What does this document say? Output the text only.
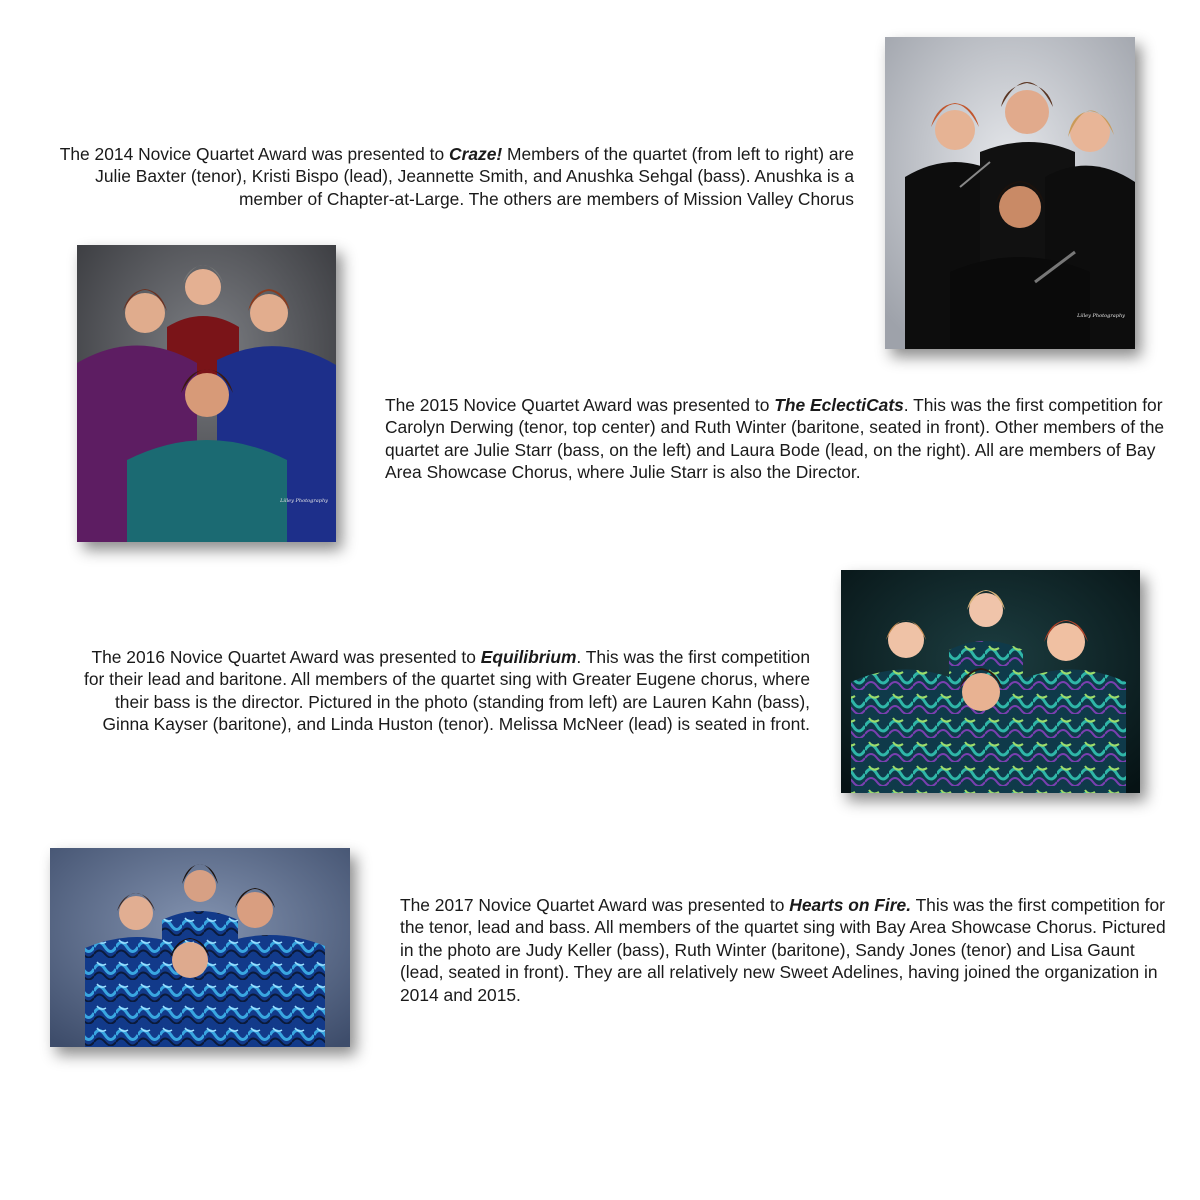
The 2014 Novice Quartet Award was presented to Craze! Members of the quartet (from left to right) are Julie Baxter (tenor), Kristi Bispo (lead), Jeannette Smith, and Anushka Sehgal (bass). Anushka is a member of Chapter-at-Large. The others are members of Mission Valley Chorus

Lilley Photography
Lilley Photography

The 2015 Novice Quartet Award was presented to The EclectiCats. This was the first competition for Carolyn Derwing (tenor, top center) and Ruth Winter (baritone, seated in front). Other members of the quartet are Julie Starr (bass, on the left) and Laura Bode (lead, on the right). All are members of Bay Area Showcase Chorus, where Julie Starr is also the Director.

The 2016 Novice Quartet Award was presented to Equilibrium. This was the first competition for their lead and baritone. All members of the quartet sing with Greater Eugene chorus, where their bass is the director. Pictured in the photo (standing from left) are Lauren Kahn (bass), Ginna Kayser (baritone), and Linda Huston (tenor). Melissa McNeer (lead) is seated in front.

The 2017 Novice Quartet Award was presented to Hearts on Fire. This was the first competition for the tenor, lead and bass. All members of the quartet sing with Bay Area Showcase Chorus. Pictured in the photo are Judy Keller (bass), Ruth Winter (baritone), Sandy Jones (tenor) and Lisa Gaunt (lead, seated in front). They are all relatively new Sweet Adelines, having joined the organization in 2014 and 2015.
